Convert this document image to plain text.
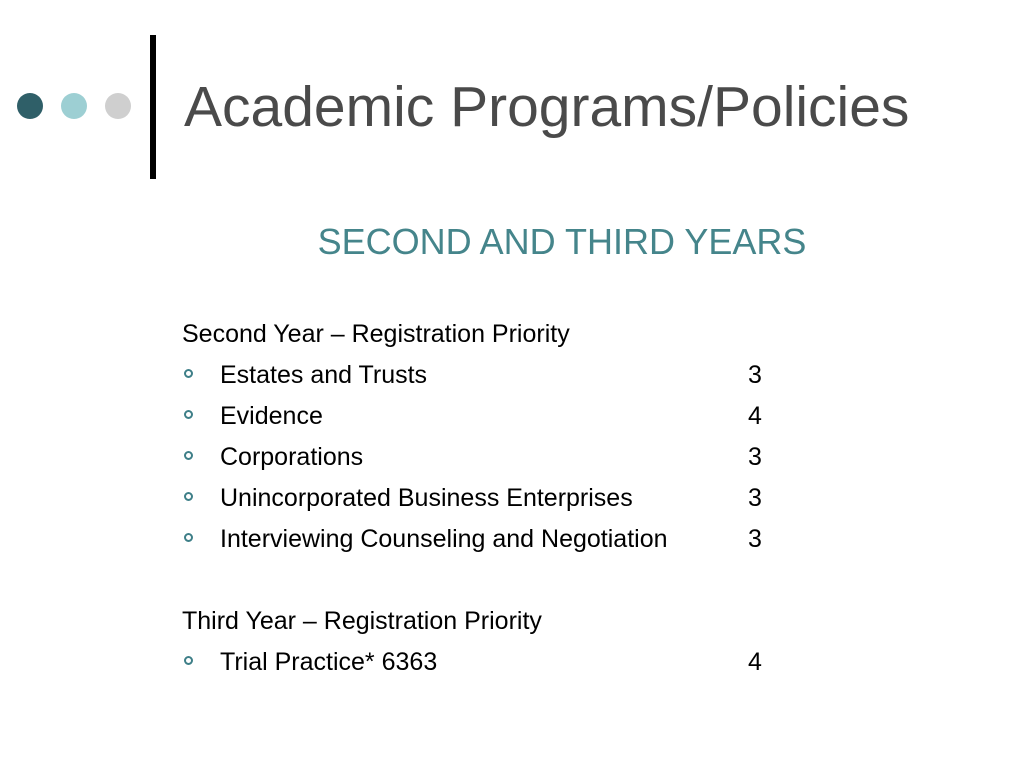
Academic Programs/Policies
SECOND AND THIRD YEARS
Second Year – Registration Priority
Estates and Trusts	3
Evidence	4
Corporations	3
Unincorporated Business Enterprises	3
Interviewing Counseling and Negotiation	3
Third Year – Registration Priority
Trial Practice* 6363	4
